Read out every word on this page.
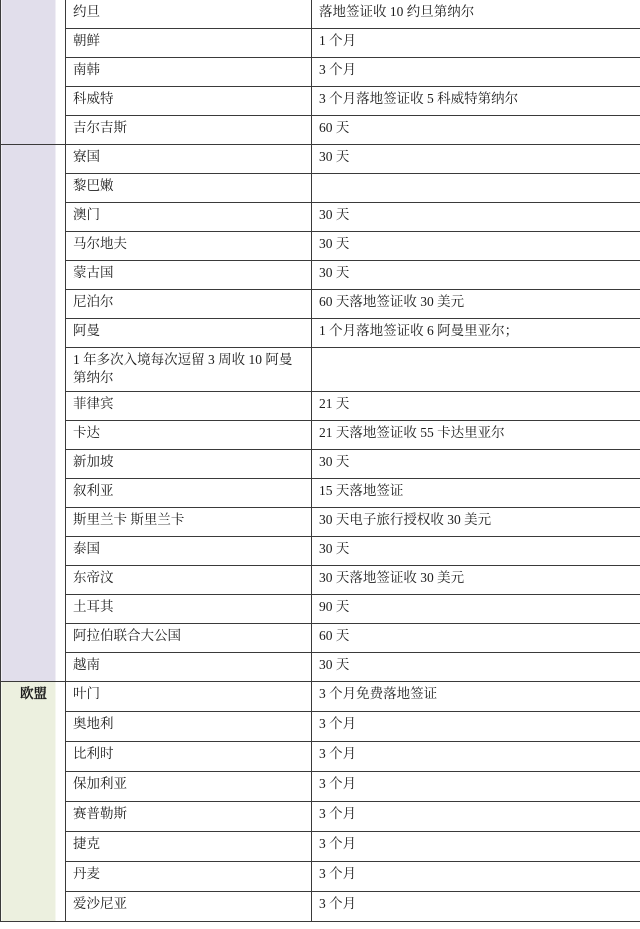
	约旦	落地签证收 10 约旦第纳尔
	朝鲜	1 个月
	南韩	3 个月
	科威特	3 个月落地签证收 5 科威特第纳尔
	吉尔吉斯	60 天
	寮国	30 天
	黎巴嫩	
	澳门	30 天
	马尔地夫	30 天
	蒙古国	30 天
	尼泊尔	60 天落地签证收 30 美元
	阿曼	1 个月落地签证收 6 阿曼里亚尔；
	1 年多次入境每次逗留 3 周收 10 阿曼第纳尔	
	菲律宾	21 天
	卡达	21 天落地签证收 55 卡达里亚尔
	新加坡	30 天
	叙利亚	15 天落地签证
	斯里兰卡 斯里兰卡	30 天电子旅行授权收 30 美元
	泰国	30 天
	东帝汶	30 天落地签证收 30 美元
	土耳其	90 天
	阿拉伯联合大公国	60 天
	越南	30 天
欧盟	叶门	3 个月免费落地签证
	奥地利	3 个月
	比利时	3 个月
	保加利亚	3 个月
	赛普勒斯	3 个月
	捷克	3 个月
	丹麦	3 个月
	爱沙尼亚	3 个月
